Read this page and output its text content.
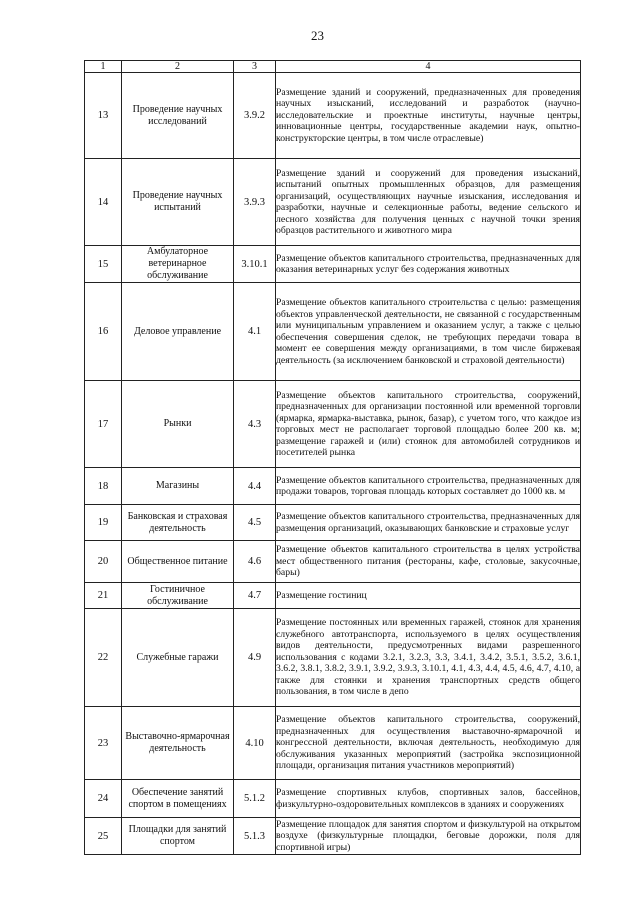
23
1	2	3	4
13	Проведение научных исследований	3.9.2	Размещение зданий и сооружений, предназначенных для проведения научных изысканий, исследований и разработок (научно-исследовательские и проектные институты, научные центры, инновационные центры, государственные академии наук, опытно-конструкторские центры, в том числе отраслевые)
14	Проведение научных испытаний	3.9.3	Размещение зданий и сооружений для проведения изысканий, испытаний опытных промышленных образцов, для размещения организаций, осуществляющих научные изыскания, исследования и разработки, научные и селекционные работы, ведение сельского и лесного хозяйства для получения ценных с научной точки зрения образцов растительного и животного мира
15	Амбулаторное ветеринарное обслуживание	3.10.1	Размещение объектов капитального строительства, предназначенных для оказания ветеринарных услуг без содержания животных
16	Деловое управление	4.1	Размещение объектов капитального строительства с целью: размещения объектов управленческой деятельности, не связанной с государственным или муниципальным управлением и оказанием услуг, а также с целью обеспечения совершения сделок, не требующих передачи товара в момент ее совершения между организациями, в том числе биржевая деятельность (за исключением банковской и страховой деятельности)
17	Рынки	4.3	Размещение объектов капитального строительства, сооружений, предназначенных для организации постоянной или временной торговли (ярмарка, ярмарка-выставка, рынок, базар), с учетом того, что каждое из торговых мест не располагает торговой площадью более 200 кв. м; размещение гаражей и (или) стоянок для автомобилей сотрудников и посетителей рынка
18	Магазины	4.4	Размещение объектов капитального строительства, предназначенных для продажи товаров, торговая площадь которых составляет до 1000 кв. м
19	Банковская и страховая деятельность	4.5	Размещение объектов капитального строительства, предназначенных для размещения организаций, оказывающих банковские и страховые услуг
20	Общественное питание	4.6	Размещение объектов капитального строительства в целях устройства мест общественного питания (рестораны, кафе, столовые, закусочные, бары)
21	Гостиничное обслуживание	4.7	Размещение гостиниц
22	Служебные гаражи	4.9	Размещение постоянных или временных гаражей, стоянок для хранения служебного автотранспорта, используемого в целях осуществления видов деятельности, предусмотренных видами разрешенного использования с кодами 3.2.1, 3.2.3, 3.3, 3.4.1, 3.4.2, 3.5.1, 3.5.2, 3.6.1, 3.6.2, 3.8.1, 3.8.2, 3.9.1, 3.9.2, 3.9.3, 3.10.1, 4.1, 4.3, 4.4, 4.5, 4.6, 4.7, 4.10, а также для стоянки и хранения транспортных средств общего пользования, в том числе в депо
23	Выставочно-ярмарочная деятельность	4.10	Размещение объектов капитального строительства, сооружений, предназначенных для осуществления выставочно-ярмарочной и конгрессной деятельности, включая деятельность, необходимую для обслуживания указанных мероприятий (застройка экспозиционной площади, организация питания участников мероприятий)
24	Обеспечение занятий спортом в помещениях	5.1.2	Размещение спортивных клубов, спортивных залов, бассейнов, физкультурно-оздоровительных комплексов в зданиях и сооружениях
25	Площадки для занятий спортом	5.1.3	Размещение площадок для занятия спортом и физкультурой на открытом воздухе (физкультурные площадки, беговые дорожки, поля для спортивной игры)
